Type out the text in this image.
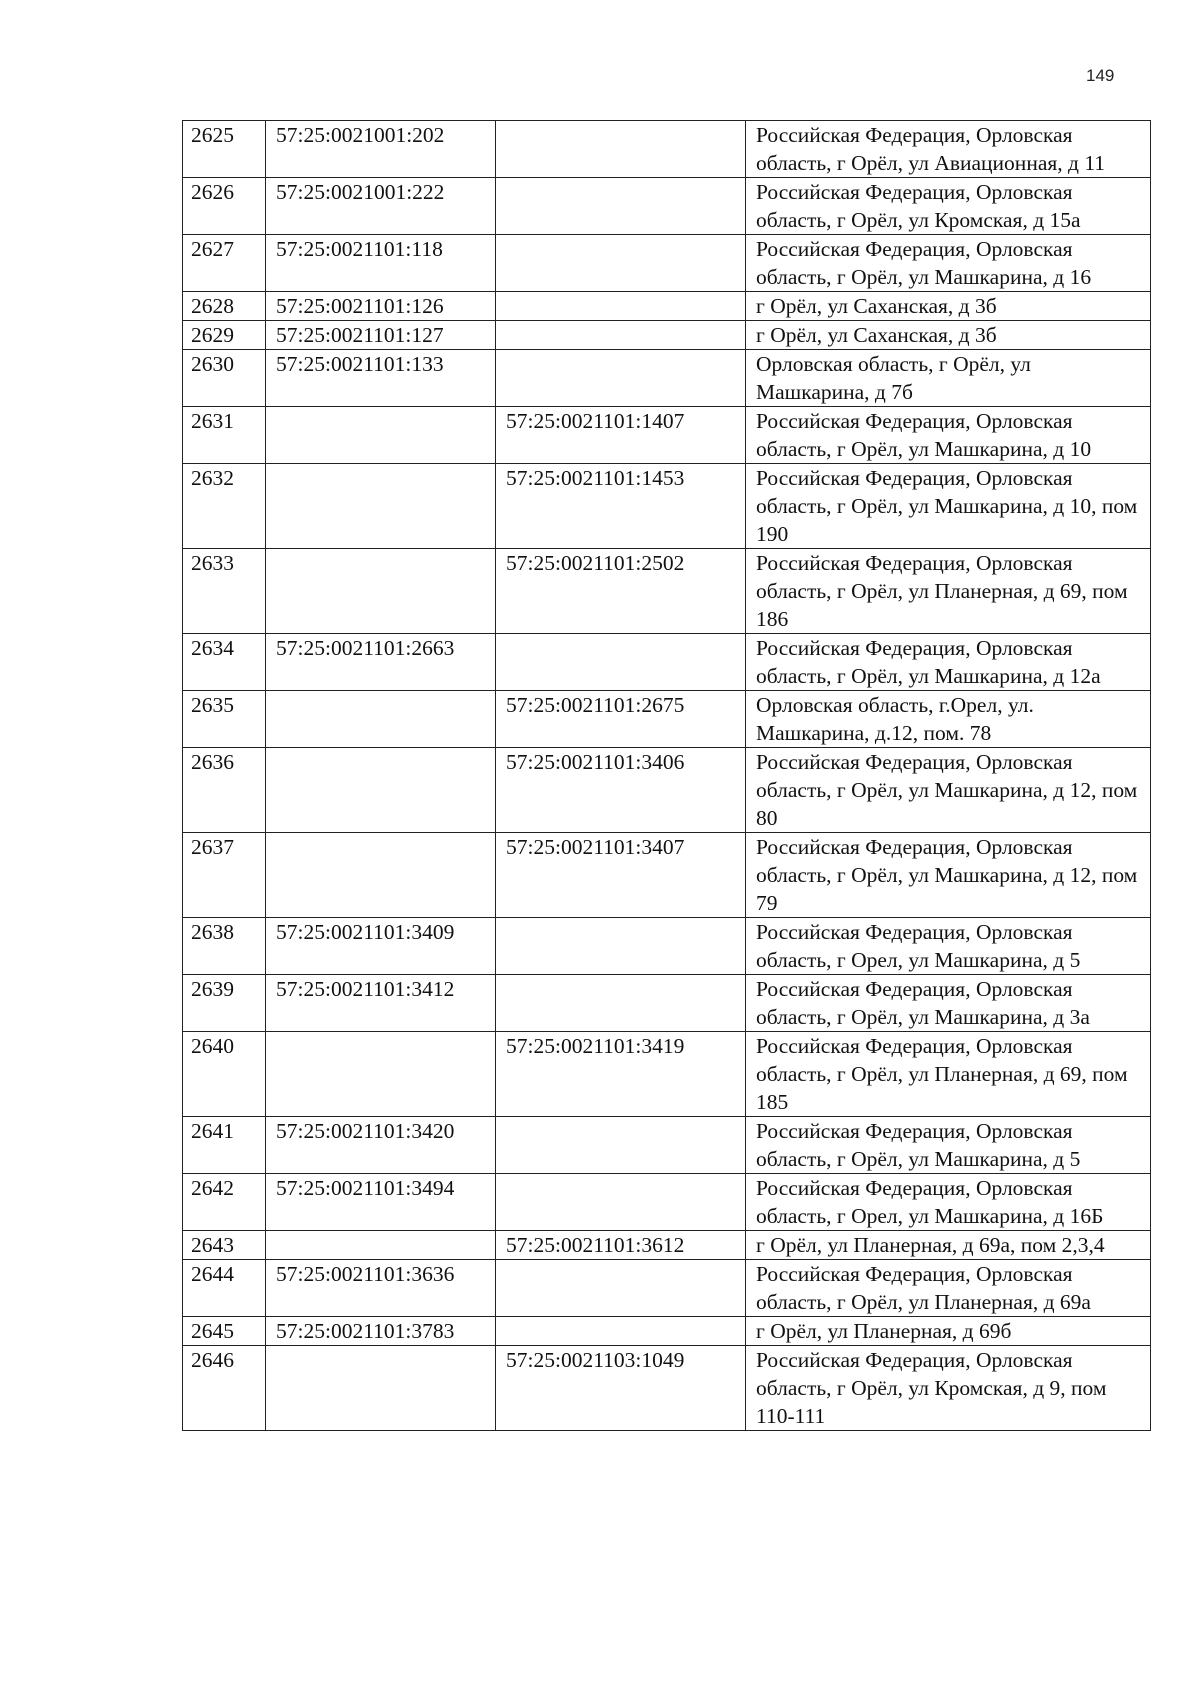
149
2625	57:25:0021001:202		Российская Федерация, Орловская область, г Орёл, ул Авиационная, д 11
2626	57:25:0021001:222		Российская Федерация, Орловская область, г Орёл, ул Кромская, д 15а
2627	57:25:0021101:118		Российская Федерация, Орловская область, г Орёл, ул Машкарина, д 16
2628	57:25:0021101:126		г Орёл, ул Саханская, д 3б
2629	57:25:0021101:127		г Орёл, ул Саханская, д 3б
2630	57:25:0021101:133		Орловская область, г Орёл, ул Машкарина, д 7б
2631		57:25:0021101:1407	Российская Федерация, Орловская область, г Орёл, ул Машкарина, д 10
2632		57:25:0021101:1453	Российская Федерация, Орловская область, г Орёл, ул Машкарина, д 10, пом 190
2633		57:25:0021101:2502	Российская Федерация, Орловская область, г Орёл, ул Планерная, д 69, пом 186
2634	57:25:0021101:2663		Российская Федерация, Орловская область, г Орёл, ул Машкарина, д 12а
2635		57:25:0021101:2675	Орловская область, г.Орел, ул. Машкарина, д.12, пом. 78
2636		57:25:0021101:3406	Российская Федерация, Орловская область, г Орёл, ул Машкарина, д 12, пом 80
2637		57:25:0021101:3407	Российская Федерация, Орловская область, г Орёл, ул Машкарина, д 12, пом 79
2638	57:25:0021101:3409		Российская Федерация, Орловская область, г Орел, ул Машкарина, д 5
2639	57:25:0021101:3412		Российская Федерация, Орловская область, г Орёл, ул Машкарина, д 3а
2640		57:25:0021101:3419	Российская Федерация, Орловская область, г Орёл, ул Планерная, д 69, пом 185
2641	57:25:0021101:3420		Российская Федерация, Орловская область, г Орёл, ул Машкарина, д 5
2642	57:25:0021101:3494		Российская Федерация, Орловская область, г Орел, ул Машкарина, д 16Б
2643		57:25:0021101:3612	г Орёл, ул Планерная, д 69а, пом 2,3,4
2644	57:25:0021101:3636		Российская Федерация, Орловская область, г Орёл, ул Планерная, д 69а
2645	57:25:0021101:3783		г Орёл, ул Планерная, д 69б
2646		57:25:0021103:1049	Российская Федерация, Орловская область, г Орёл, ул Кромская, д 9, пом 110-111
